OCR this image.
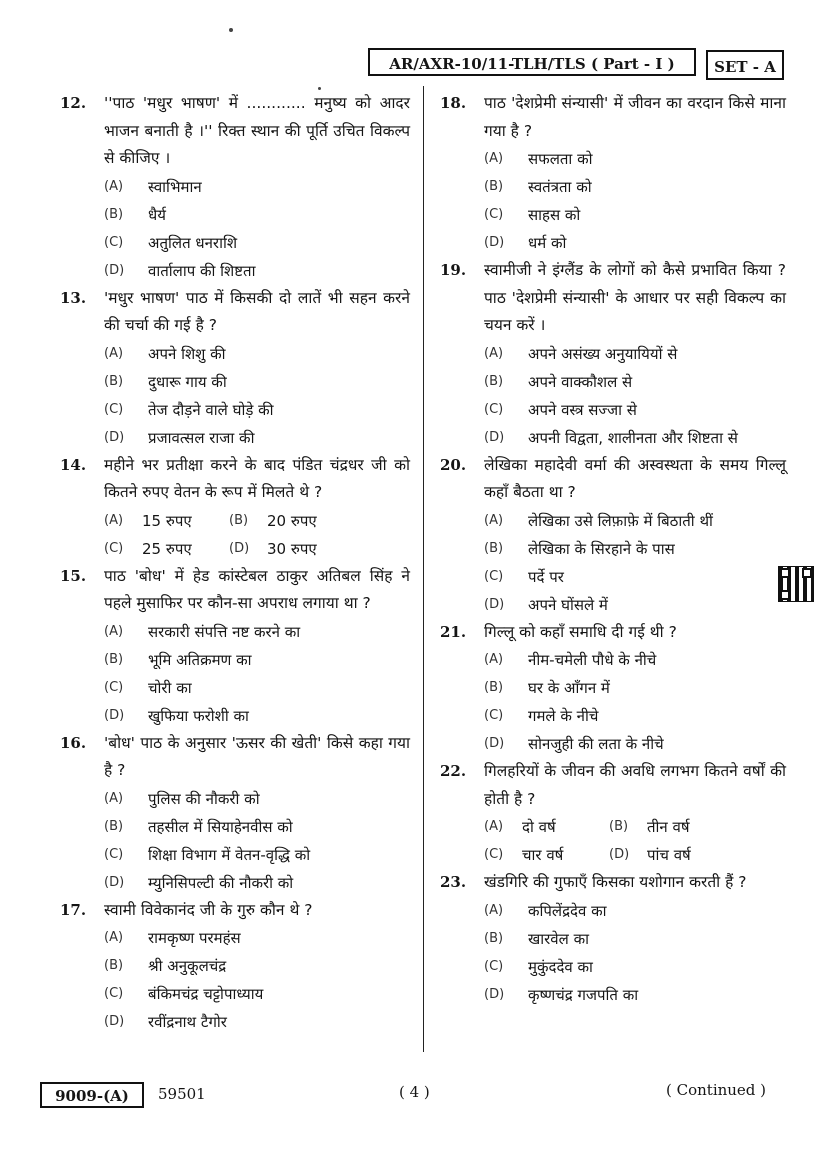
AR/AXR-10/11-TLH/TLS ( Part - I )	SET - A
12.	''पाठ 'मधुर भाषण' में ............ मनुष्य को आदर भाजन बनाती है ।'' रिक्त स्थान की पूर्ति उचित विकल्प से कीजिए ।
(A)	स्वाभिमान
(B)	धैर्य
(C)	अतुलित धनराशि
(D)	वार्तालाप की शिष्टता
13.	'मधुर भाषण' पाठ में किसकी दो लातें भी सहन करने की चर्चा की गई है ?
(A)	अपने शिशु की
(B)	दुधारू गाय की
(C)	तेज दौड़ने वाले घोड़े की
(D)	प्रजावत्सल राजा की
14.	महीने भर प्रतीक्षा करने के बाद पंडित चंद्रधर जी को कितने रुपए वेतन के रूप में मिलते थे ?
(A)	15 रुपए	(B)	20 रुपए
(C)	25 रुपए	(D)	30 रुपए
15.	पाठ 'बोध' में हेड कांस्टेबल ठाकुर अतिबल सिंह ने पहले मुसाफिर पर कौन-सा अपराध लगाया था ?
(A)	सरकारी संपत्ति नष्ट करने का
(B)	भूमि अतिक्रमण का
(C)	चोरी का
(D)	खुफिया फरोशी का
16.	'बोध' पाठ के अनुसार 'ऊसर की खेती' किसे कहा गया है ?
(A)	पुलिस की नौकरी को
(B)	तहसील में सियाहेनवीस को
(C)	शिक्षा विभाग में वेतन-वृद्धि को
(D)	म्युनिसिपल्टी की नौकरी को
17.	स्वामी विवेकानंद जी के गुरु कौन थे ?
(A)	रामकृष्ण परमहंस
(B)	श्री अनुकूलचंद्र
(C)	बंकिमचंद्र चट्टोपाध्याय
(D)	रवींद्रनाथ टैगोर
18.	पाठ 'देशप्रेमी संन्यासी' में जीवन का वरदान किसे माना गया है ?
(A)	सफलता को
(B)	स्वतंत्रता को
(C)	साहस को
(D)	धर्म को
19.	स्वामीजी ने इंग्लैंड के लोगों को कैसे प्रभावित किया ? पाठ 'देशप्रेमी संन्यासी' के आधार पर सही विकल्प का चयन करें ।
(A)	अपने असंख्य अनुयायियों से
(B)	अपने वाक्कौशल से
(C)	अपने वस्त्र सज्जा से
(D)	अपनी विद्वता, शालीनता और शिष्टता से
20.	लेखिका महादेवी वर्मा की अस्वस्थता के समय गिल्लू कहाँ बैठता था ?
(A)	लेखिका उसे लिफ़ाफ़े में बिठाती थीं
(B)	लेखिका के सिरहाने के पास
(C)	पर्दे पर
(D)	अपने घोंसले में
21.	गिल्लू को कहाँ समाधि दी गई थी ?
(A)	नीम-चमेली पौधे के नीचे
(B)	घर के आँगन में
(C)	गमले के नीचे
(D)	सोनजुही की लता के नीचे
22.	गिलहरियों के जीवन की अवधि लगभग कितने वर्षों की होती है ?
(A)	दो वर्ष	(B)	तीन वर्ष
(C)	चार वर्ष	(D)	पांच वर्ष
23.	खंडगिरि की गुफाएँ किसका यशोगान करती हैं ?
(A)	कपिलेंद्रदेव का
(B)	खारवेल का
(C)	मुकुंददेव का
(D)	कृष्णचंद्र गजपति का
9009-(A)	59501	( 4 )	( Continued )
